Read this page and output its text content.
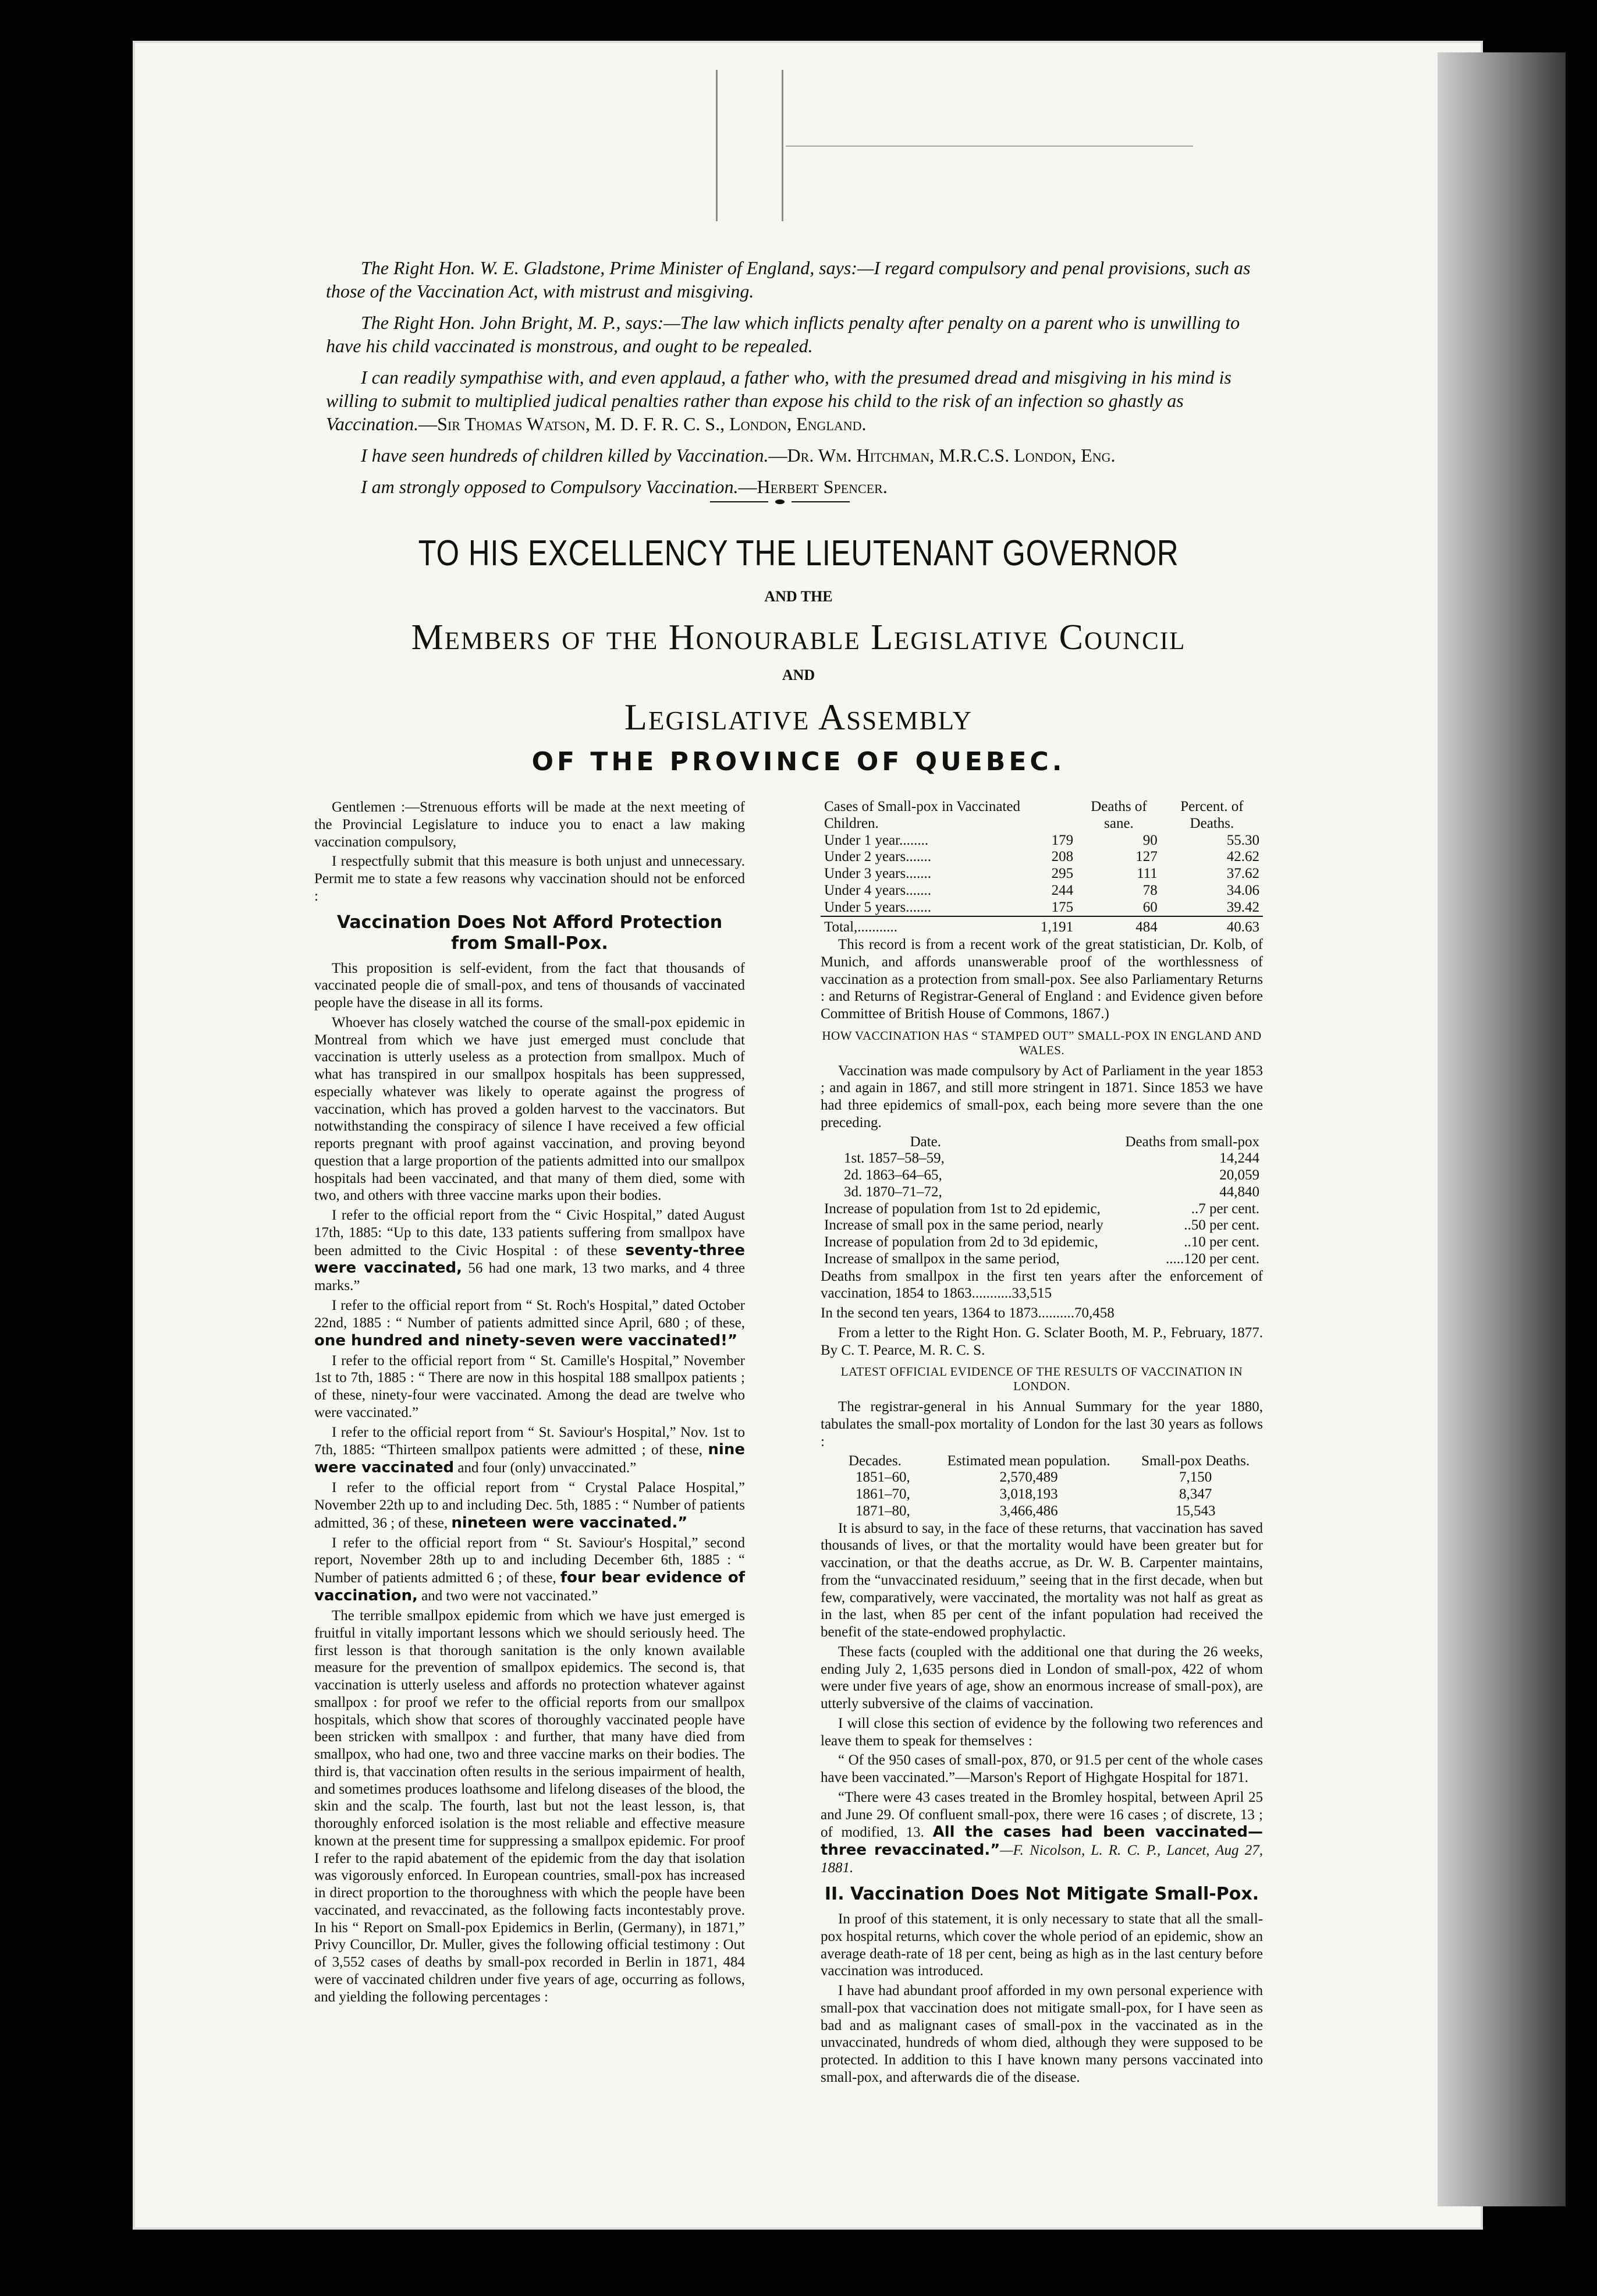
The Right Hon. W. E. Gladstone, Prime Minister of England, says:—I regard compulsory and penal provisions, such as those of the Vaccination Act, with mistrust and misgiving.

The Right Hon. John Bright, M. P., says:—The law which inflicts penalty after penalty on a parent who is unwilling to have his child vaccinated is monstrous, and ought to be repealed.

I can readily sympathise with, and even applaud, a father who, with the presumed dread and misgiving in his mind is willing to submit to multiplied judical penalties rather than expose his child to the risk of an infection so ghastly as Vaccination.—Sir Thomas Watson, M. D. F. R. C. S., London, England.

I have seen hundreds of children killed by Vaccination.—Dr. Wm. Hitchman, M.R.C.S. London, Eng.

I am strongly opposed to Compulsory Vaccination.—Herbert Spencer.

TO HIS EXCELLENCY THE LIEUTENANT GOVERNOR
AND THE
Members of the Honourable Legislative Council
AND
Legislative Assembly
OF THE PROVINCE OF QUEBEC.

Gentlemen :—Strenuous efforts will be made at the next meeting of the Provincial Legislature to induce you to enact a law making vaccination compulsory,

I respectfully submit that this measure is both unjust and unnecessary. Permit me to state a few reasons why vaccination should not be enforced :

Vaccination Does Not Afford Protection from Small-Pox.

This proposition is self-evident, from the fact that thousands of vaccinated people die of small-pox, and tens of thousands of vaccinated people have the disease in all its forms.

Whoever has closely watched the course of the small-pox epidemic in Montreal from which we have just emerged must conclude that vaccination is utterly useless as a protection from smallpox. Much of what has transpired in our smallpox hospitals has been suppressed, especially whatever was likely to operate against the progress of vaccination, which has proved a golden harvest to the vaccinators. But notwithstanding the conspiracy of silence I have received a few official reports pregnant with proof against vaccination, and proving beyond question that a large proportion of the patients admitted into our smallpox hospitals had been vaccinated, and that many of them died, some with two, and others with three vaccine marks upon their bodies.

I refer to the official report from the “ Civic Hospital,” dated August 17th, 1885: “Up to this date, 133 patients suffering from smallpox have been admitted to the Civic Hospital : of these seventy-three were vaccinated, 56 had one mark, 13 two marks, and 4 three marks.”

I refer to the official report from “ St. Roch's Hospital,” dated October 22nd, 1885 : “ Number of patients admitted since April, 680 ; of these, one hundred and ninety-seven were vaccinated!”

I refer to the official report from “ St. Camille's Hospital,” November 1st to 7th, 1885 : “ There are now in this hospital 188 smallpox patients ; of these, ninety-four were vaccinated. Among the dead are twelve who were vaccinated.”

I refer to the official report from “ St. Saviour's Hospital,” Nov. 1st to 7th, 1885: “Thirteen smallpox patients were admitted ; of these, nine were vaccinated and four (only) unvaccinated.”

I refer to the official report from “ Crystal Palace Hospital,” November 22th up to and including Dec. 5th, 1885 : “ Number of patients admitted, 36 ; of these, nineteen were vaccinated.”

I refer to the official report from “ St. Saviour's Hospital,” second report, November 28th up to and including December 6th, 1885 : “ Number of patients admitted 6 ; of these, four bear evidence of vaccination, and two were not vaccinated.”

The terrible smallpox epidemic from which we have just emerged is fruitful in vitally important lessons which we should seriously heed. The first lesson is that thorough sanitation is the only known available measure for the prevention of smallpox epidemics. The second is, that vaccination is utterly useless and affords no protection whatever against smallpox : for proof we refer to the official reports from our smallpox hospitals, which show that scores of thoroughly vaccinated people have been stricken with smallpox : and further, that many have died from smallpox, who had one, two and three vaccine marks on their bodies. The third is, that vaccination often results in the serious impairment of health, and sometimes produces loathsome and lifelong diseases of the blood, the skin and the scalp. The fourth, last but not the least lesson, is, that thoroughly enforced isolation is the most reliable and effective measure known at the present time for suppressing a smallpox epidemic. For proof I refer to the rapid abatement of the epidemic from the day that isolation was vigorously enforced. In European countries, small-pox has increased in direct proportion to the thoroughness with which the people have been vaccinated, and revaccinated, as the following facts incontestably prove. In his “ Report on Small-pox Epidemics in Berlin, (Germany), in 1871,” Privy Councillor, Dr. Muller, gives the following official testimony : Out of 3,552 cases of deaths by small-pox recorded in Berlin in 1871, 484 were of vaccinated children under five years of age, occurring as follows, and yielding the following percentages :

Cases of Small-pox in Vaccinated Children.		Deaths of sane.	Percent. of Deaths.
Under 1 year........	179	90	55.30
Under 2 years.......	208	127	42.62
Under 3 years.......	295	111	37.62
Under 4 years.......	244	78	34.06
Under 5 years.......	175	60	39.42
Total,...........	1,191	484	40.63

This record is from a recent work of the great statistician, Dr. Kolb, of Munich, and affords unanswerable proof of the worthlessness of vaccination as a protection from small-pox. See also Parliamentary Returns : and Returns of Registrar-General of England : and Evidence given before Committee of British House of Commons, 1867.)

HOW VACCINATION HAS “ STAMPED OUT” SMALL-POX IN ENGLAND AND WALES.

Vaccination was made compulsory by Act of Parliament in the year 1853 ; and again in 1867, and still more stringent in 1871. Since 1853 we have had three epidemics of small-pox, each being more severe than the one preceding.

Date.	Deaths from small-pox
1st. 1857–58–59,	14,244
2d. 1863–64–65,	20,059
3d. 1870–71–72,	44,840
Increase of population from 1st to 2d epidemic,	..7 per cent.
Increase of small pox in the same period, nearly	..50 per cent.
Increase of population from 2d to 3d epidemic,	..10 per cent.
Increase of smallpox in the same period,	.....120 per cent.

Deaths from smallpox in the first ten years after the enforcement of vaccination, 1854 to 1863...........33,515

In the second ten years, 1364 to 1873..........70,458

From a letter to the Right Hon. G. Sclater Booth, M. P., February, 1877. By C. T. Pearce, M. R. C. S.

LATEST OFFICIAL EVIDENCE OF THE RESULTS OF VACCINATION IN LONDON.

The registrar-general in his Annual Summary for the year 1880, tabulates the small-pox mortality of London for the last 30 years as follows :

Decades.	Estimated mean population.	Small-pox Deaths.
1851–60,	2,570,489	7,150
1861–70,	3,018,193	8,347
1871–80,	3,466,486	15,543

It is absurd to say, in the face of these returns, that vaccination has saved thousands of lives, or that the mortality would have been greater but for vaccination, or that the deaths accrue, as Dr. W. B. Carpenter maintains, from the “unvaccinated residuum,” seeing that in the first decade, when but few, comparatively, were vaccinated, the mortality was not half as great as in the last, when 85 per cent of the infant population had received the benefit of the state-endowed prophylactic.

These facts (coupled with the additional one that during the 26 weeks, ending July 2, 1,635 persons died in London of small-pox, 422 of whom were under five years of age, show an enormous increase of small-pox), are utterly subversive of the claims of vaccination.

I will close this section of evidence by the following two references and leave them to speak for themselves :

“ Of the 950 cases of small-pox, 870, or 91.5 per cent of the whole cases have been vaccinated.”—Marson's Report of Highgate Hospital for 1871.

“There were 43 cases treated in the Bromley hospital, between April 25 and June 29. Of confluent small-pox, there were 16 cases ; of discrete, 13 ; of modified, 13. All the cases had been vaccinated—three revaccinated.”—F. Nicolson, L. R. C. P., Lancet, Aug 27, 1881.

II. Vaccination Does Not Mitigate Small-Pox.

In proof of this statement, it is only necessary to state that all the small-pox hospital returns, which cover the whole period of an epidemic, show an average death-rate of 18 per cent, being as high as in the last century before vaccination was introduced.

I have had abundant proof afforded in my own personal experience with small-pox that vaccination does not mitigate small-pox, for I have seen as bad and as malignant cases of small-pox in the vaccinated as in the unvaccinated, hundreds of whom died, although they were supposed to be protected. In addition to this I have known many persons vaccinated into small-pox, and afterwards die of the disease.
